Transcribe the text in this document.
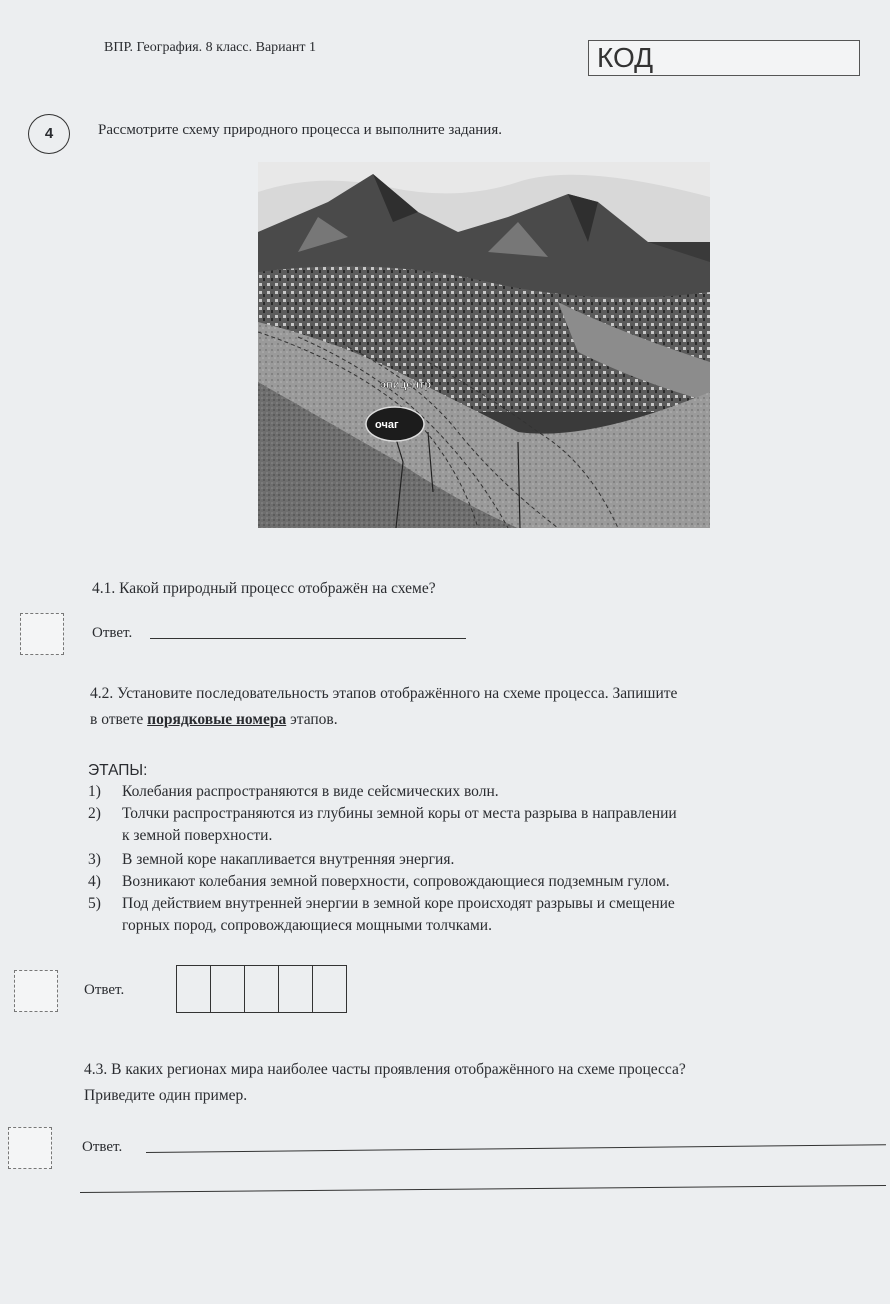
ВПР. География. 8 класс. Вариант 1	КОД
4	Рассмотрите схему природного процесса и выполните задания.
эпицентр
очаг
4.1. Какой природный процесс отображён на схеме?
Ответ.
4.2. Установите последовательность этапов отображённого на схеме процесса. Запишите
в ответе порядковые номера этапов.
ЭТАПЫ:
1) Колебания распространяются в виде сейсмических волн.
2) Толчки распространяются из глубины земной коры от места разрыва в направлении
к земной поверхности.
3) В земной коре накапливается внутренняя энергия.
4) Возникают колебания земной поверхности, сопровождающиеся подземным гулом.
5) Под действием внутренней энергии в земной коре происходят разрывы и смещение
горных пород, сопровождающиеся мощными толчками.
Ответ.
4.3. В каких регионах мира наиболее часты проявления отображённого на схеме процесса?
Приведите один пример.
Ответ.
